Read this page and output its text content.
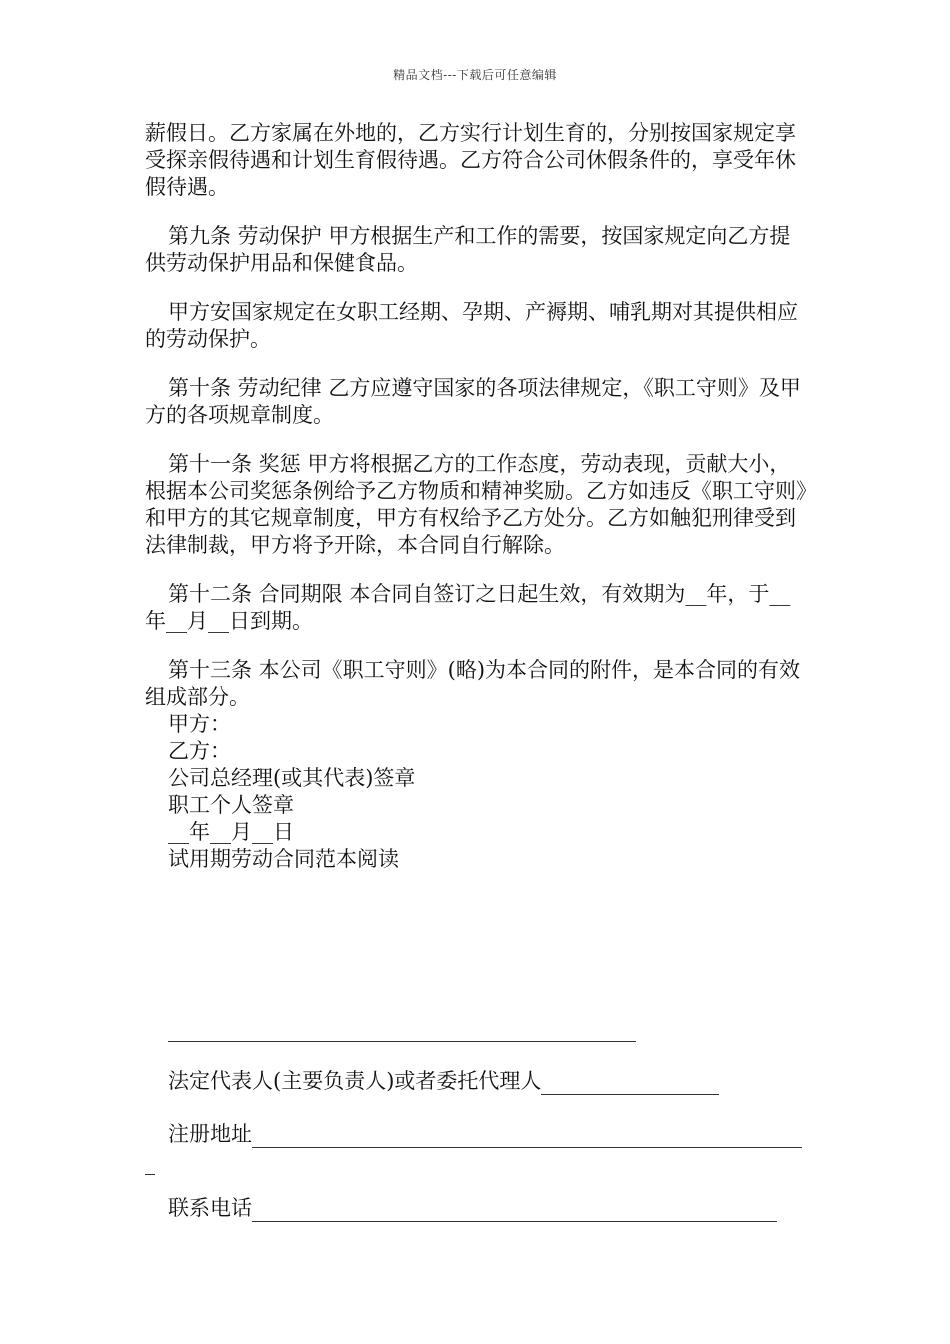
精品文档---下载后可任意编辑

薪假日。乙方家属在外地的，乙方实行计划生育的，分别按国家规定享受探亲假待遇和计划生育假待遇。乙方符合公司休假条件的，享受年休假待遇。

第九条 劳动保护 甲方根据生产和工作的需要，按国家规定向乙方提供劳动保护用品和保健食品。

甲方安国家规定在女职工经期、孕期、产褥期、哺乳期对其提供相应的劳动保护。

第十条 劳动纪律 乙方应遵守国家的各项法律规定，《职工守则》及甲方的各项规章制度。

第十一条 奖惩 甲方将根据乙方的工作态度，劳动表现，贡献大小，根据本公司奖惩条例给予乙方物质和精神奖励。乙方如违反《职工守则》和甲方的其它规章制度，甲方有权给予乙方处分。乙方如触犯刑律受到法律制裁，甲方将予开除，本合同自行解除。

第十二条 合同期限 本合同自签订之日起生效，有效期为__年，于__年__月__日到期。

第十三条 本公司《职工守则》(略)为本合同的附件，是本合同的有效组成部分。

甲方：

乙方：

公司总经理(或其代表)签章

职工个人签章

__年__月__日

试用期劳动合同范本阅读

法定代表人(主要负责人)或者委托代理人
注册地址

联系电话
